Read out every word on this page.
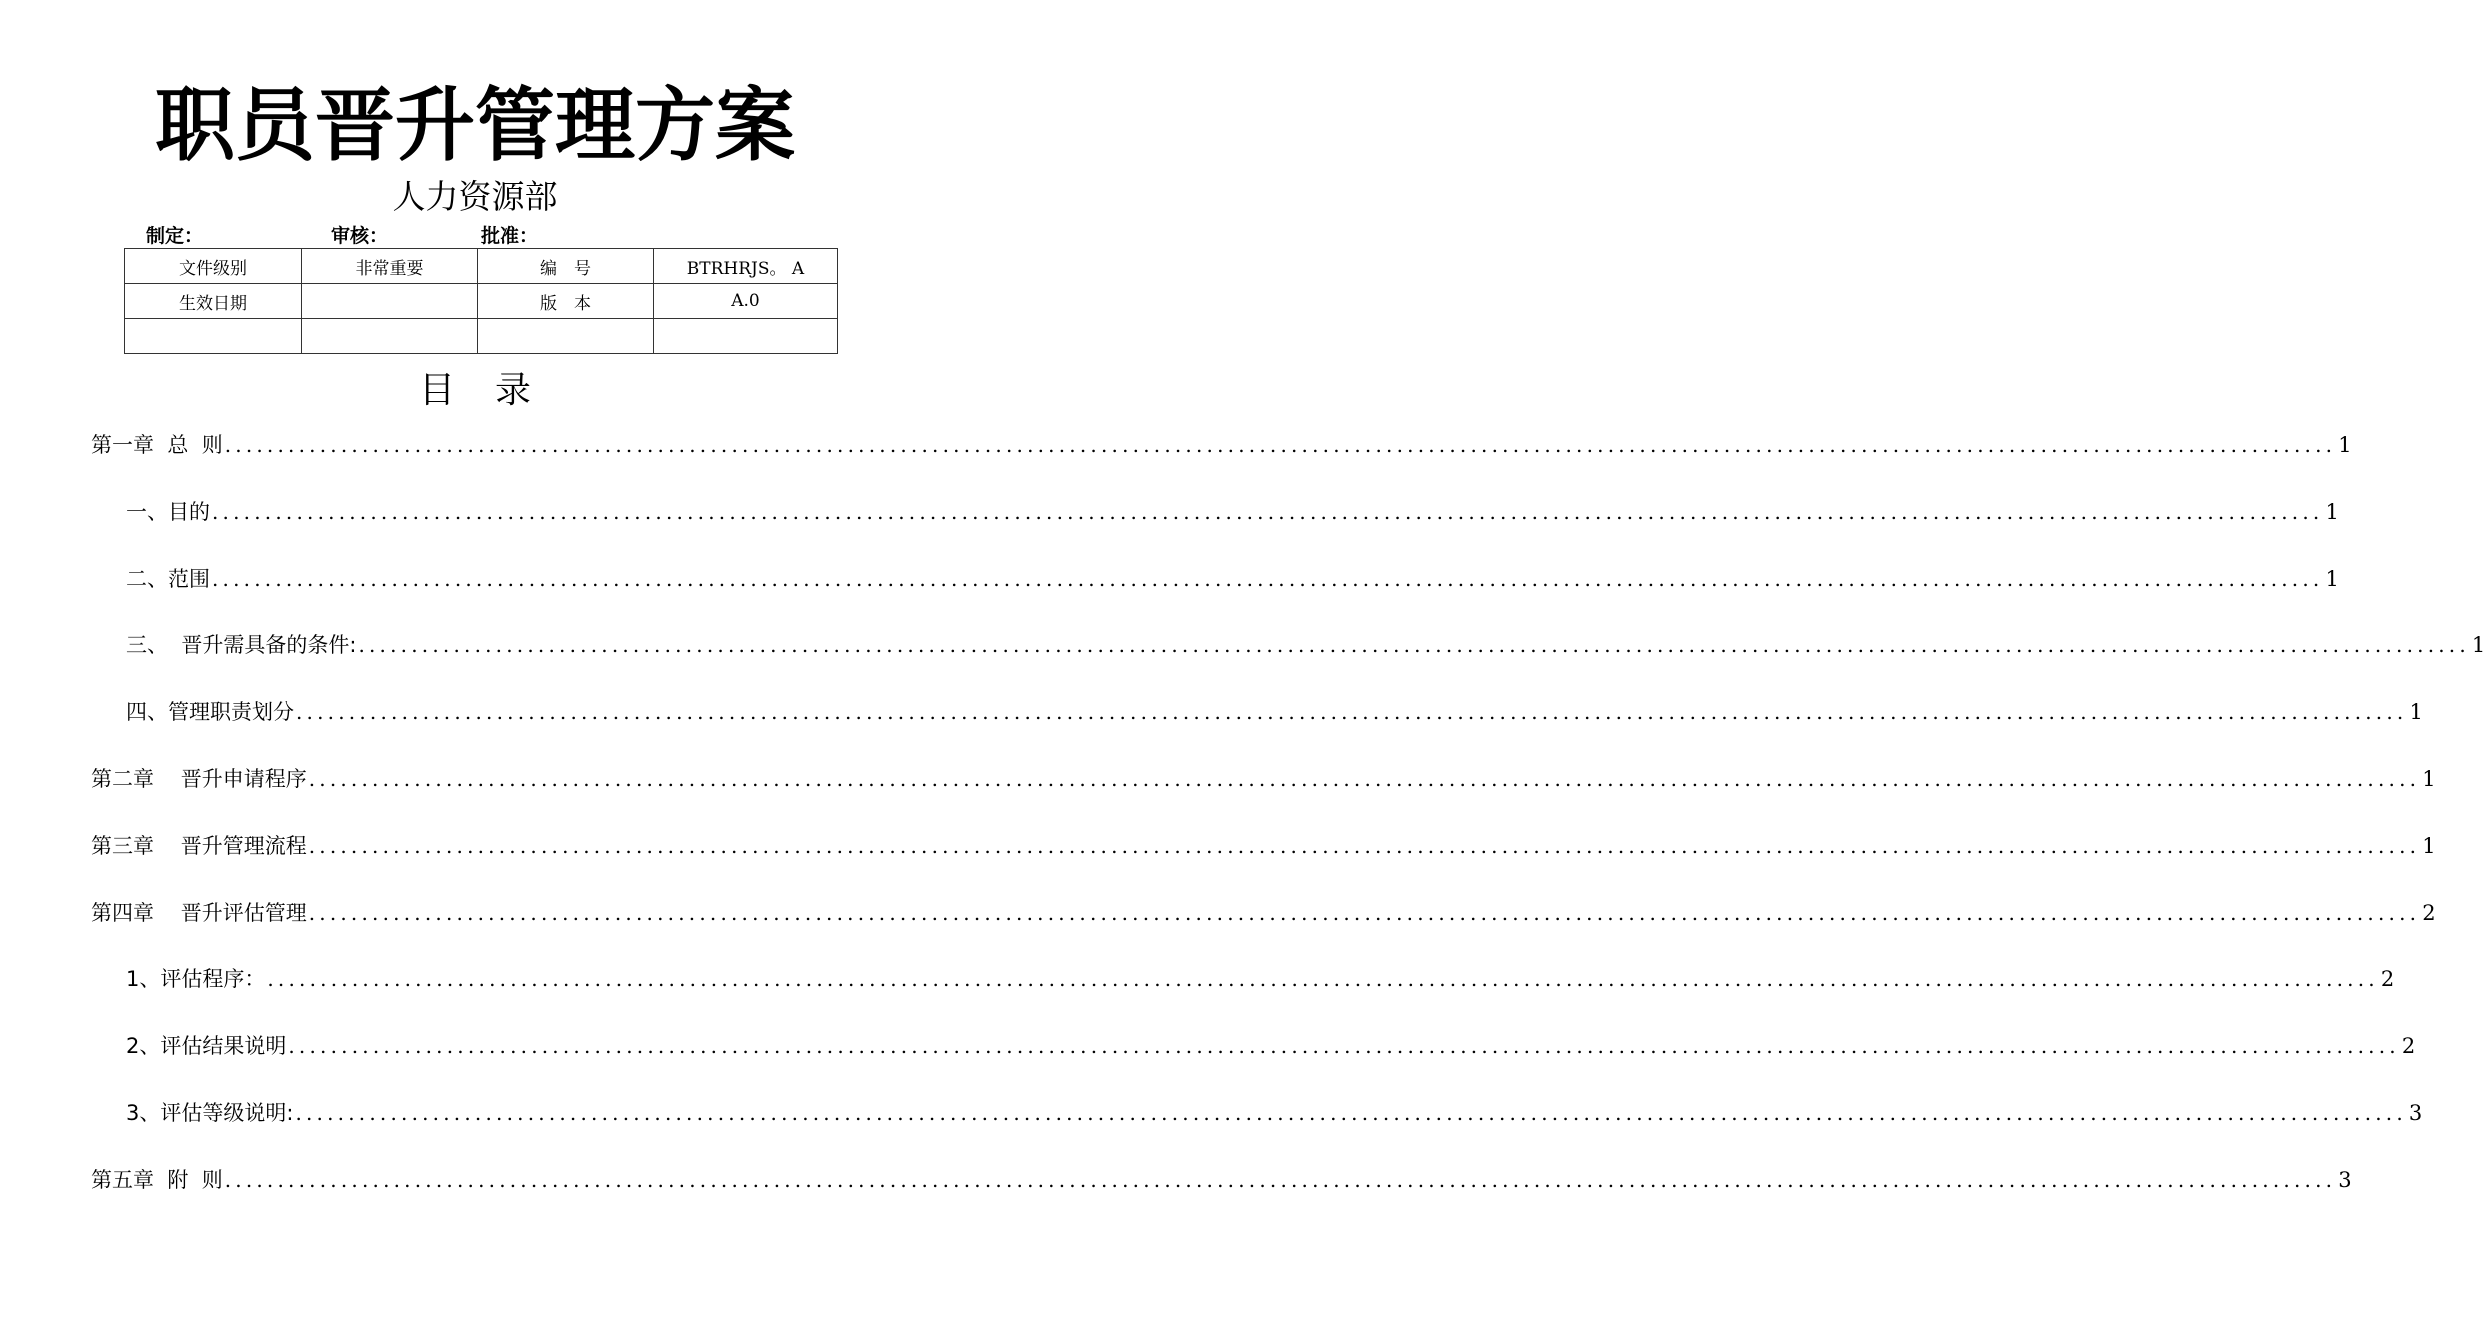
职员晋升管理方案
人力资源部
制定：	审核：	批准：
文件级别	非常重要	编　号	BTRHRJS。 A
生效日期		版　本	A.0

目 录
第一章  总  则 ........................................................................................................................................................................................................ 1
一、目的 ........................................................................................................................................................................................................ 1
二、范围 ........................................................................................................................................................................................................ 1
三、  晋升需具备的条件: ........................................................................................................................................................................................................ 1
四、管理职责划分 ........................................................................................................................................................................................................ 1
第二章    晋升申请程序 ........................................................................................................................................................................................................ 1
第三章    晋升管理流程 ........................................................................................................................................................................................................ 1
第四章    晋升评估管理 ........................................................................................................................................................................................................ 2
1、评估程序： ........................................................................................................................................................................................................ 2
2、评估结果说明 ........................................................................................................................................................................................................ 2
3、评估等级说明: ........................................................................................................................................................................................................ 3
第五章  附  则 ........................................................................................................................................................................................................ 3
